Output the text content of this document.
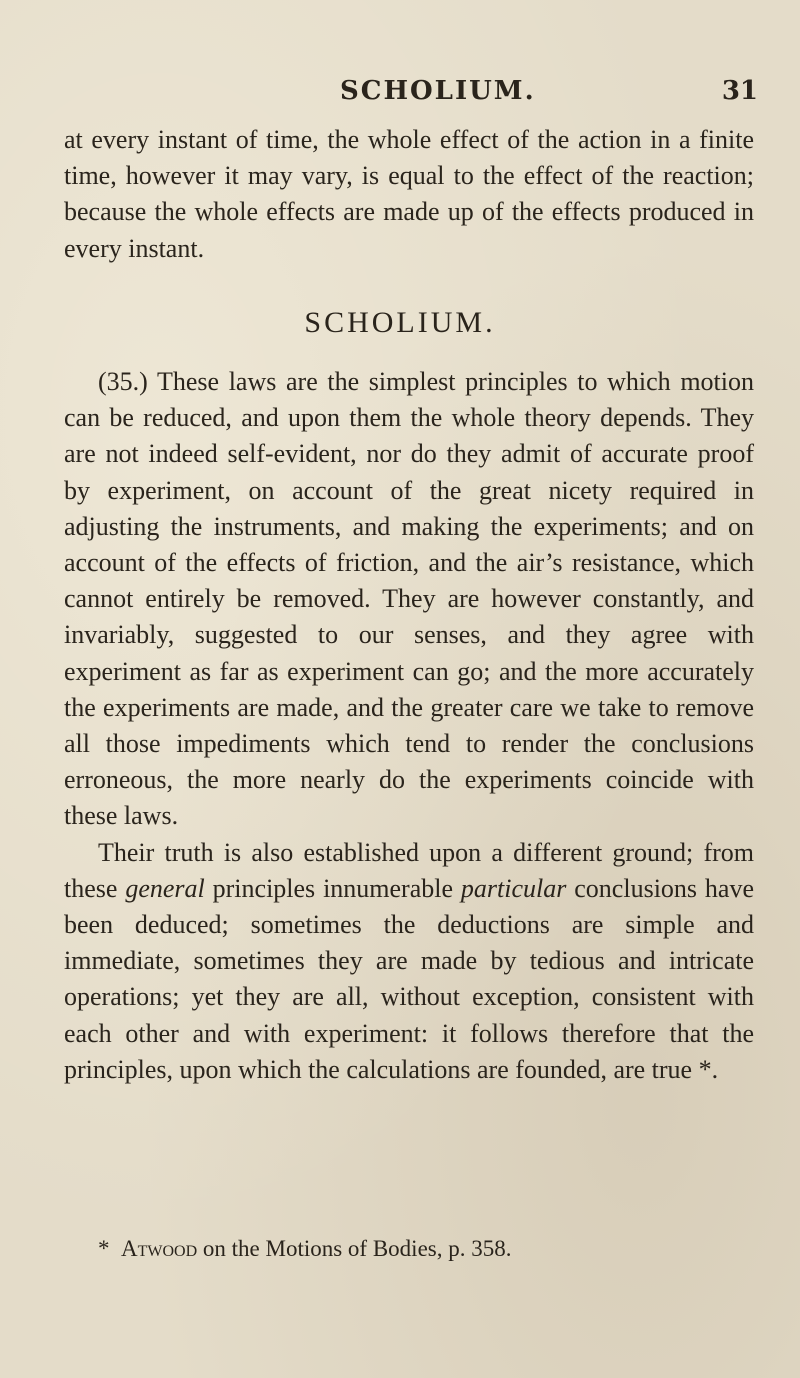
SCHOLIUM.	31
at every instant of time, the whole effect of the action in a finite time, however it may vary, is equal to the effect of the reaction; because the whole effects are made up of the effects produced in every instant.
SCHOLIUM.

(35.) These laws are the simplest principles to which motion can be reduced, and upon them the whole theory depends. They are not indeed self-evident, nor do they admit of accurate proof by experiment, on account of the great nicety required in adjusting the instruments, and making the experiments; and on account of the effects of friction, and the air’s resistance, which cannot entirely be removed. They are however constantly, and invariably, suggested to our senses, and they agree with experiment as far as experiment can go; and the more accurately the experiments are made, and the greater care we take to remove all those impediments which tend to render the conclusions erroneous, the more nearly do the experiments coincide with these laws.

Their truth is also established upon a different ground; from these general principles innumerable particular conclusions have been deduced; sometimes the deductions are simple and immediate, sometimes they are made by tedious and intricate operations; yet they are all, without exception, consistent with each other and with experiment: it follows therefore that the principles, upon which the calculations are founded, are true *.

* Atwood on the Motions of Bodies, p. 358.
